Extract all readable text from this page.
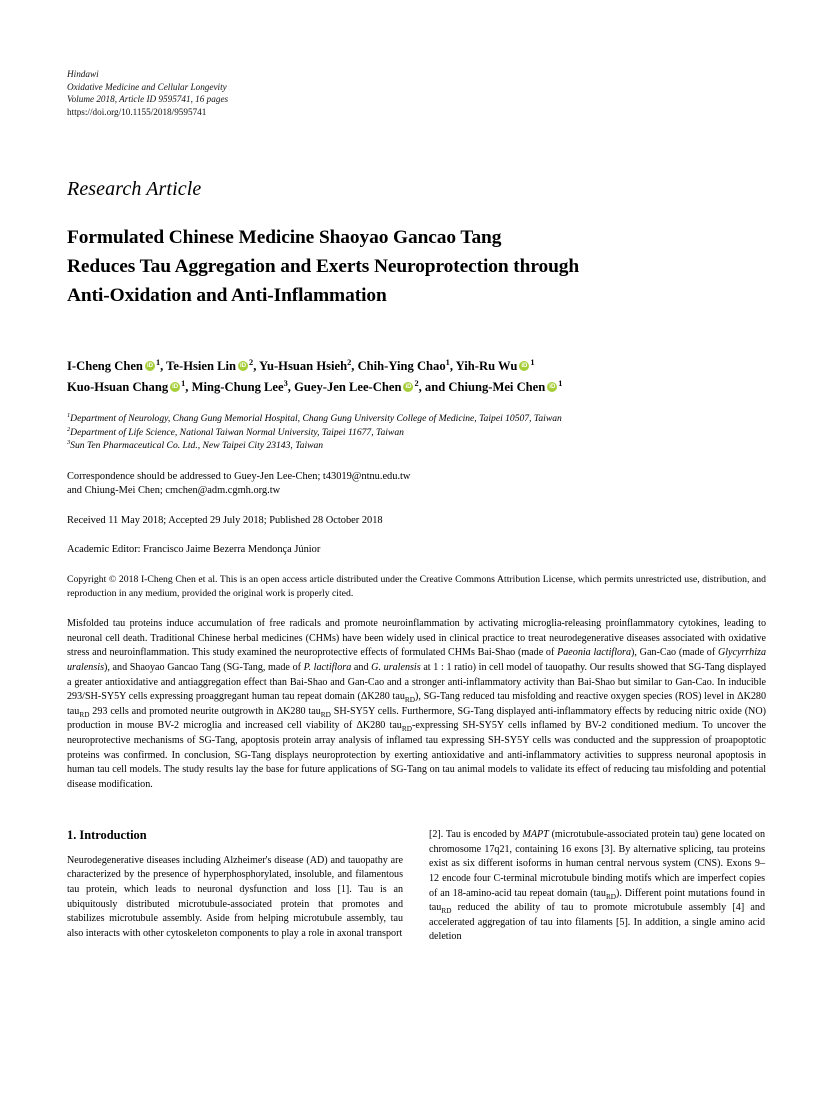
Hindawi
Oxidative Medicine and Cellular Longevity
Volume 2018, Article ID 9595741, 16 pages
https://doi.org/10.1155/2018/9595741
Research Article
Formulated Chinese Medicine Shaoyao Gancao Tang
Reduces Tau Aggregation and Exerts Neuroprotection through
Anti-Oxidation and Anti-Inflammation
I-Cheng Chen iD $^1$, Te-Hsien Lin iD $^2$, Yu-Hsuan Hsieh$^2$, Chih-Ying Chao$^1$, Yih-Ru Wu iD $^1$
Kuo-Hsuan Chang iD $^1$, Ming-Chung Lee$^3$, Guey-Jen Lee-Chen iD $^2$, and Chiung-Mei Chen iD $^1$
$^1$Department of Neurology, Chang Gung Memorial Hospital, Chang Gung University College of Medicine, Taipei 10507, Taiwan
$^2$Department of Life Science, National Taiwan Normal University, Taipei 11677, Taiwan
$^3$Sun Ten Pharmaceutical Co. Ltd., New Taipei City 23143, Taiwan
Correspondence should be addressed to Guey-Jen Lee-Chen; t43019@ntnu.edu.tw
and Chiung-Mei Chen; cmchen@adm.cgmh.org.tw
Received 11 May 2018; Accepted 29 July 2018; Published 28 October 2018
Academic Editor: Francisco Jaime Bezerra Mendonça Júnior
Copyright © 2018 I-Cheng Chen et al. This is an open access article distributed under the Creative Commons Attribution License, which permits unrestricted use, distribution, and reproduction in any medium, provided the original work is properly cited.
Misfolded tau proteins induce accumulation of free radicals and promote neuroinflammation by activating microglia-releasing proinflammatory cytokines, leading to neuronal cell death. Traditional Chinese herbal medicines (CHMs) have been widely used in clinical practice to treat neurodegenerative diseases associated with oxidative stress and neuroinflammation. This study examined the neuroprotective effects of formulated CHMs Bai-Shao (made of Paeonia lactiflora), Gan-Cao (made of Glycyrrhiza uralensis), and Shaoyao Gancao Tang (SG-Tang, made of P. lactiflora and G. uralensis at 1 : 1 ratio) in cell model of tauopathy. Our results showed that SG-Tang displayed a greater antioxidative and antiaggregation effect than Bai-Shao and Gan-Cao and a stronger anti-inflammatory activity than Bai-Shao but similar to Gan-Cao. In inducible 293/SH-SY5Y cells expressing proaggregant human tau repeat domain (ΔK280 tau$_{RD}$), SG-Tang reduced tau misfolding and reactive oxygen species (ROS) level in ΔK280 tau$_{RD}$ 293 cells and promoted neurite outgrowth in ΔK280 tau$_{RD}$ SH-SY5Y cells. Furthermore, SG-Tang displayed anti-inflammatory effects by reducing nitric oxide (NO) production in mouse BV-2 microglia and increased cell viability of ΔK280 tau$_{RD}$-expressing SH-SY5Y cells inflamed by BV-2 conditioned medium. To uncover the neuroprotective mechanisms of SG-Tang, apoptosis protein array analysis of inflamed tau expressing SH-SY5Y cells was conducted and the suppression of proapoptotic proteins was confirmed. In conclusion, SG-Tang displays neuroprotection by exerting antioxidative and anti-inflammatory activities to suppress neuronal apoptosis in human tau cell models. The study results lay the base for future applications of SG-Tang on tau animal models to validate its effect of reducing tau misfolding and potential disease modification.
1. Introduction

Neurodegenerative diseases including Alzheimer's disease (AD) and tauopathy are characterized by the presence of hyperphosphorylated, insoluble, and filamentous tau protein, which leads to neuronal dysfunction and loss [1]. Tau is an ubiquitously distributed microtubule-associated protein that promotes and stabilizes microtubule assembly. Aside from helping microtubule assembly, tau also interacts with other cytoskeleton components to play a role in axonal transport

[2]. Tau is encoded by MAPT (microtubule-associated protein tau) gene located on chromosome 17q21, containing 16 exons [3]. By alternative splicing, tau proteins exist as six different isoforms in human central nervous system (CNS). Exons 9–12 encode four C-terminal microtubule binding motifs which are imperfect copies of an 18-amino-acid tau repeat domain (tau$_{RD}$). Different point mutations found in tau$_{RD}$ reduced the ability of tau to promote microtubule assembly [4] and accelerated aggregation of tau into filaments [5]. In addition, a single amino acid deletion
